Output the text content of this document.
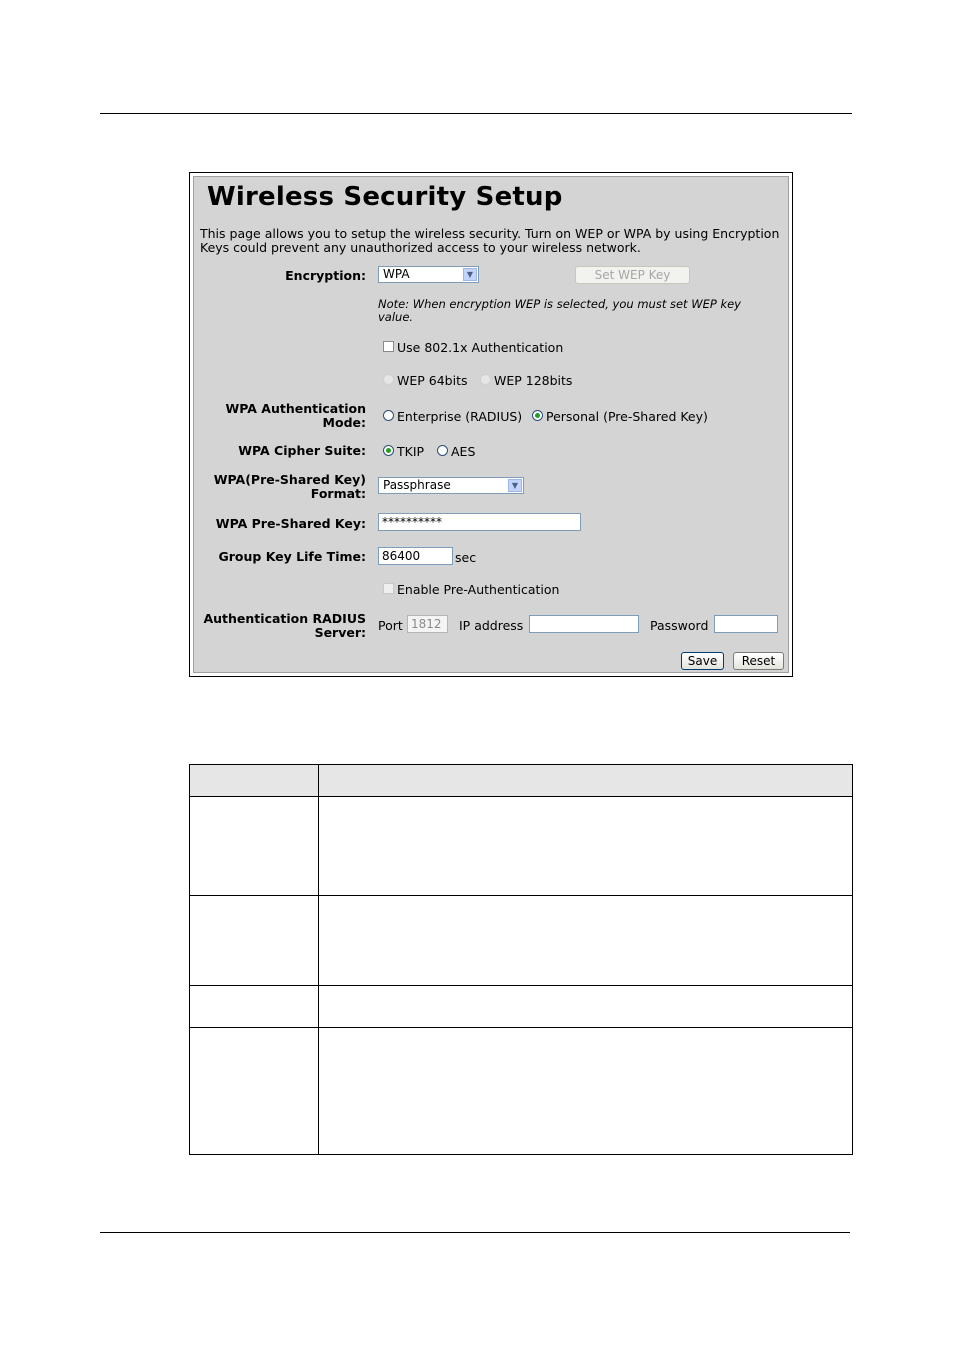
Wireless Security Setup
This page allows you to setup the wireless security. Turn on WEP or WPA by using Encryption
Keys could prevent any unauthorized access to your wireless network.
Encryption:	WPA	▼	Set WEP Key
Note: When encryption WEP is selected, you must set WEP key value.
Use 802.1x Authentication
WEP 64bits WEP 128bits
WPA Authentication
Mode: Enterprise (RADIUS) Personal (Pre-Shared Key)
WPA Cipher Suite: TKIP AES
WPA(Pre-Shared Key)
Format:
Passphrase	▼
WPA Pre-Shared Key:	**********
Group Key Life Time:	86400	sec
Enable Pre-Authentication
Authentication RADIUS
Server: Port 1812	IP address	Password
Save	Reset
